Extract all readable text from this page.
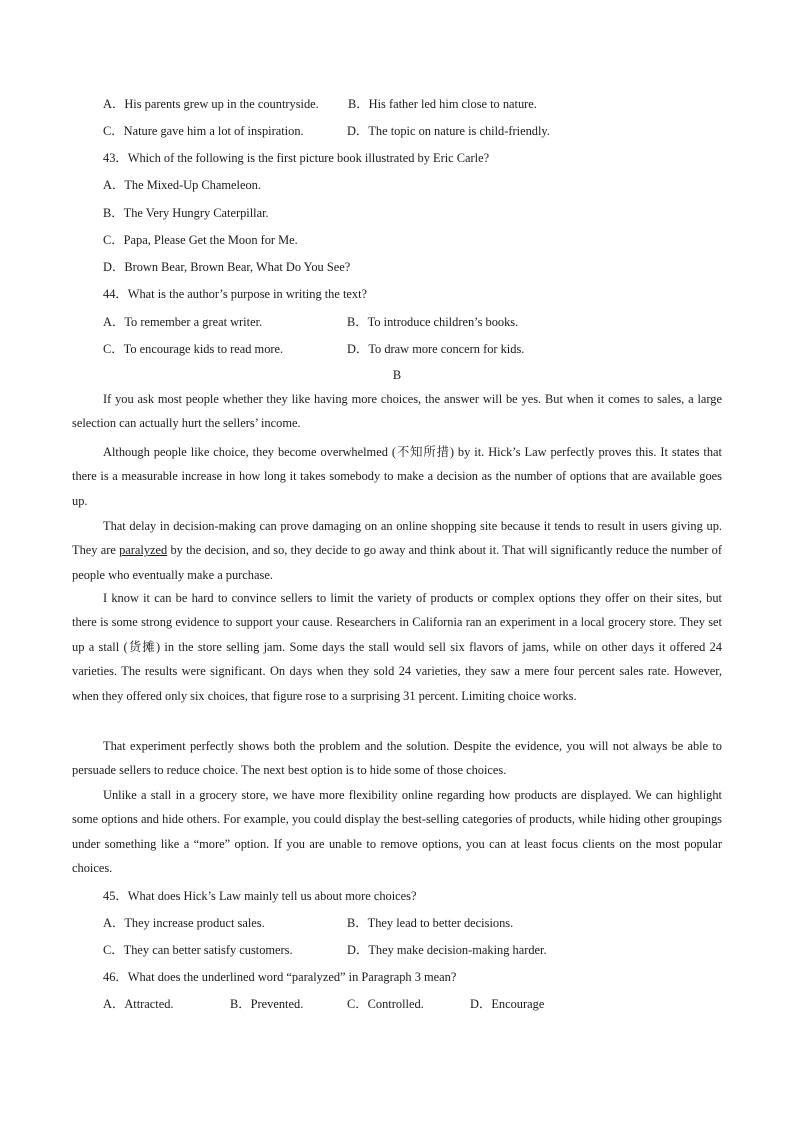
A．His parents grew up in the countryside. B．His father led him close to nature.
C．Nature gave him a lot of inspiration.	D．The topic on nature is child-friendly.
43．Which of the following is the first picture book illustrated by Eric Carle?
A．The Mixed-Up Chameleon.
B．The Very Hungry Caterpillar.
C．Papa, Please Get the Moon for Me.
D．Brown Bear, Brown Bear, What Do You See?
44．What is the author’s purpose in writing the text?
A．To remember a great writer.	B．To introduce children’s books.
C．To encourage kids to read more.	D．To draw more concern for kids.
B
If you ask most people whether they like having more choices, the answer will be yes. But when it comes to sales, a large selection can actually hurt the sellers’ income.
Although people like choice, they become overwhelmed (不知所措) by it. Hick’s Law perfectly proves this. It states that there is a measurable increase in how long it takes somebody to make a decision as the number of options that are available goes up.
That delay in decision-making can prove damaging on an online shopping site because it tends to result in users giving up. They are paralyzed by the decision, and so, they decide to go away and think about it. That will significantly reduce the number of people who eventually make a purchase.
I know it can be hard to convince sellers to limit the variety of products or complex options they offer on their sites, but there is some strong evidence to support your cause. Researchers in California ran an experiment in a local grocery store. They set up a stall (货摊) in the store selling jam. Some days the stall would sell six flavors of jams, while on other days it offered 24 varieties. The results were significant. On days when they sold 24 varieties, they saw a mere four percent sales rate. However, when they offered only six choices, that figure rose to a surprising 31 percent. Limiting choice works.
That experiment perfectly shows both the problem and the solution. Despite the evidence, you will not always be able to persuade sellers to reduce choice. The next best option is to hide some of those choices.
Unlike a stall in a grocery store, we have more flexibility online regarding how products are displayed. We can highlight some options and hide others. For example, you could display the best-selling categories of products, while hiding other groupings under something like a “more” option. If you are unable to remove options, you can at least focus clients on the most popular choices.
45．What does Hick’s Law mainly tell us about more choices?
A．They increase product sales.	B．They lead to better decisions.
C．They can better satisfy customers.	D．They make decision-making harder.
46．What does the underlined word “paralyzed” in Paragraph 3 mean?
A．Attracted.	B．Prevented.	C．Controlled.	D．Encourage
